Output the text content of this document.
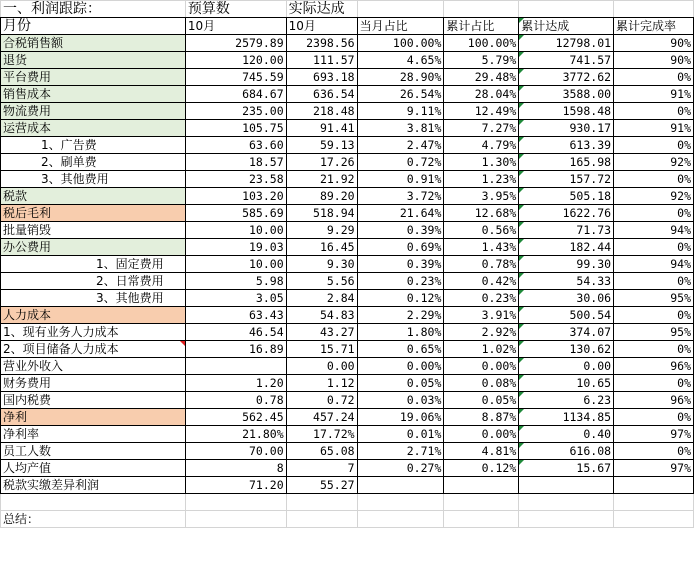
一、利润跟踪：	预算数	实际达成				
月份	10月	10月	当月占比	累计占比	累计达成	累计完成率
合税销售额	2579.89	2398.56	100.00%	100.00%	12798.01	90%
退货	120.00	111.57	4.65%	5.79%	741.57	90%
平台费用	745.59	693.18	28.90%	29.48%	3772.62	0%
销售成本	684.67	636.54	26.54%	28.04%	3588.00	91%
物流费用	235.00	218.48	9.11%	12.49%	1598.48	0%
运营成本	105.75	91.41	3.81%	7.27%	930.17	91%
1、广告费	63.60	59.13	2.47%	4.79%	613.39	0%
2、刷单费	18.57	17.26	0.72%	1.30%	165.98	92%
3、其他费用	23.58	21.92	0.91%	1.23%	157.72	0%
税款	103.20	89.20	3.72%	3.95%	505.18	92%
税后毛利	585.69	518.94	21.64%	12.68%	1622.76	0%
批量销毁	10.00	9.29	0.39%	0.56%	71.73	94%
办公费用	19.03	16.45	0.69%	1.43%	182.44	0%
1、固定费用	10.00	9.30	0.39%	0.78%	99.30	94%
2、日常费用	5.98	5.56	0.23%	0.42%	54.33	0%
3、其他费用	3.05	2.84	0.12%	0.23%	30.06	95%
人力成本	63.43	54.83	2.29%	3.91%	500.54	0%
1、现有业务人力成本	46.54	43.27	1.80%	2.92%	374.07	95%
2、项目储备人力成本	16.89	15.71	0.65%	1.02%	130.62	0%
营业外收入		0.00	0.00%	0.00%	0.00	96%
财务费用	1.20	1.12	0.05%	0.08%	10.65	0%
国内税费	0.78	0.72	0.03%	0.05%	6.23	96%
净利	562.45	457.24	19.06%	8.87%	1134.85	0%
净利率	21.80%	17.72%	0.01%	0.00%	0.40	97%
员工人数	70.00	65.08	2.71%	4.81%	616.08	0%
人均产值	8	7	0.27%	0.12%	15.67	97%
税款实缴差异利润	71.20	55.27				

总结：						
